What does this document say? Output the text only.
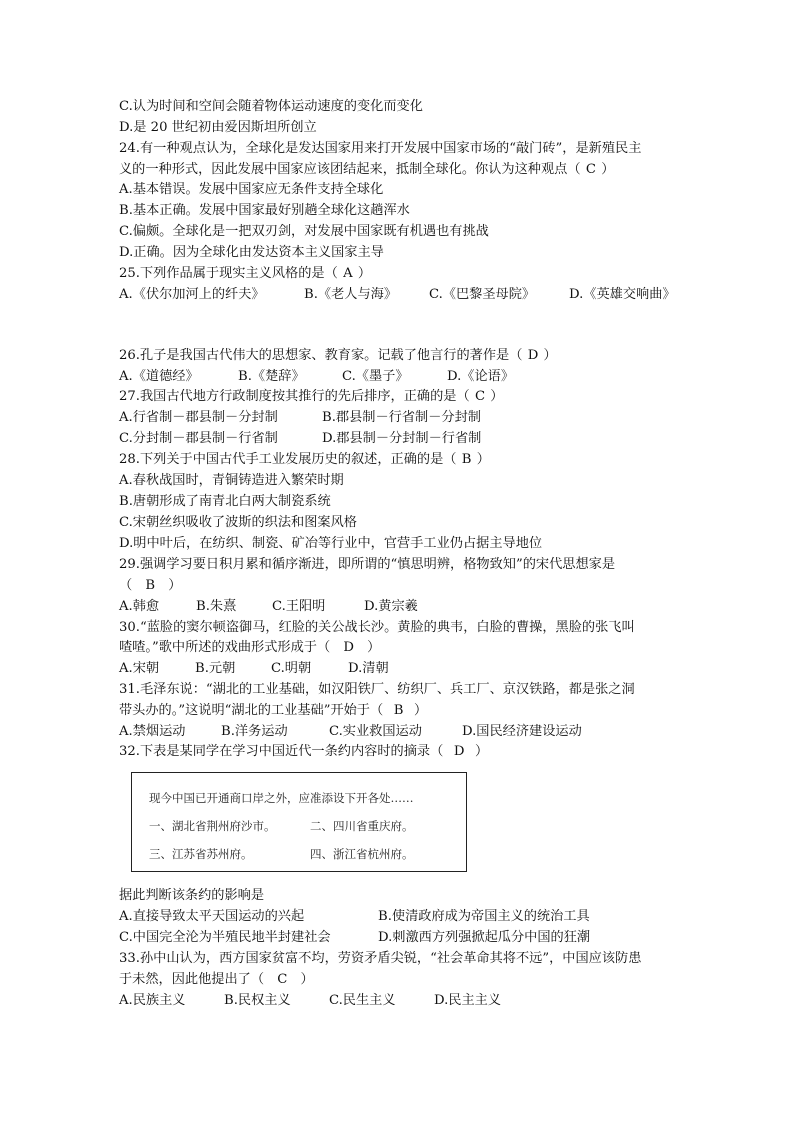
C.认为时间和空间会随着物体运动速度的变化而变化
D.是 20 世纪初由爱因斯坦所创立
24.有一种观点认为，全球化是发达国家用来打开发展中国家市场的“敲门砖”，是新殖民主
义的一种形式，因此发展中国家应该团结起来，抵制全球化。你认为这种观点（ C ）
A.基本错误。发展中国家应无条件支持全球化
B.基本正确。发展中国家最好别趟全球化这趟浑水
C.偏颇。全球化是一把双刃剑，对发展中国家既有机遇也有挑战
D.正确。因为全球化由发达资本主义国家主导
25.下列作品属于现实主义风格的是（ A ）
A.《伏尔加河上的纤夫》	B.《老人与海》 C.《巴黎圣母院》	D.《英雄交响曲》
26.孔子是我国古代伟大的思想家、教育家。记载了他言行的著作是（ D ）
A.《道德经》	B.《楚辞》	C.《墨子》	D.《论语》
27.我国古代地方行政制度按其推行的先后排序，正确的是（ C ）
A.行省制－郡县制－分封制	B.郡县制－行省制－分封制
C.分封制－郡县制－行省制	D.郡县制－分封制－行省制
28.下列关于中国古代手工业发展历史的叙述，正确的是（ B ）
A.春秋战国时，青铜铸造进入繁荣时期
B.唐朝形成了南青北白两大制瓷系统
C.宋朝丝织吸收了波斯的织法和图案风格
D.明中叶后，在纺织、制瓷、矿冶等行业中，官营手工业仍占据主导地位
29.强调学习要日积月累和循序渐进，即所谓的“慎思明辨，格物致知”的宋代思想家是
（ B ）
A.韩愈	B.朱熹	C.王阳明	D.黄宗羲
30.“蓝脸的窦尔顿盗御马，红脸的关公战长沙。黄脸的典韦，白脸的曹操，黑脸的张飞叫
喳喳。”歌中所述的戏曲形式形成于（ D ）
A.宋朝	B.元朝	C.明朝	D.清朝
31.毛泽东说：“湖北的工业基础，如汉阳铁厂、纺织厂、兵工厂、京汉铁路，都是张之洞
带头办的。”这说明“湖北的工业基础”开始于（ B ）
A.禁烟运动	B.洋务运动	C.实业救国运动	D.国民经济建设运动
32.下表是某同学在学习中国近代一条约内容时的摘录（ D ）
现今中国已开通商口岸之外，应准添设下开各处……
一、湖北省荆州府沙市。	二、四川省重庆府。
三、江苏省苏州府。	四、浙江省杭州府。
据此判断该条约的影响是
A.直接导致太平天国运动的兴起	B.使清政府成为帝国主义的统治工具
C.中国完全沦为半殖民地半封建社会	D.刺激西方列强掀起瓜分中国的狂潮
33.孙中山认为，西方国家贫富不均，劳资矛盾尖锐，“社会革命其将不远”，中国应该防患
于未然，因此他提出了（ C ）
A.民族主义	B.民权主义	C.民生主义	D.民主主义
